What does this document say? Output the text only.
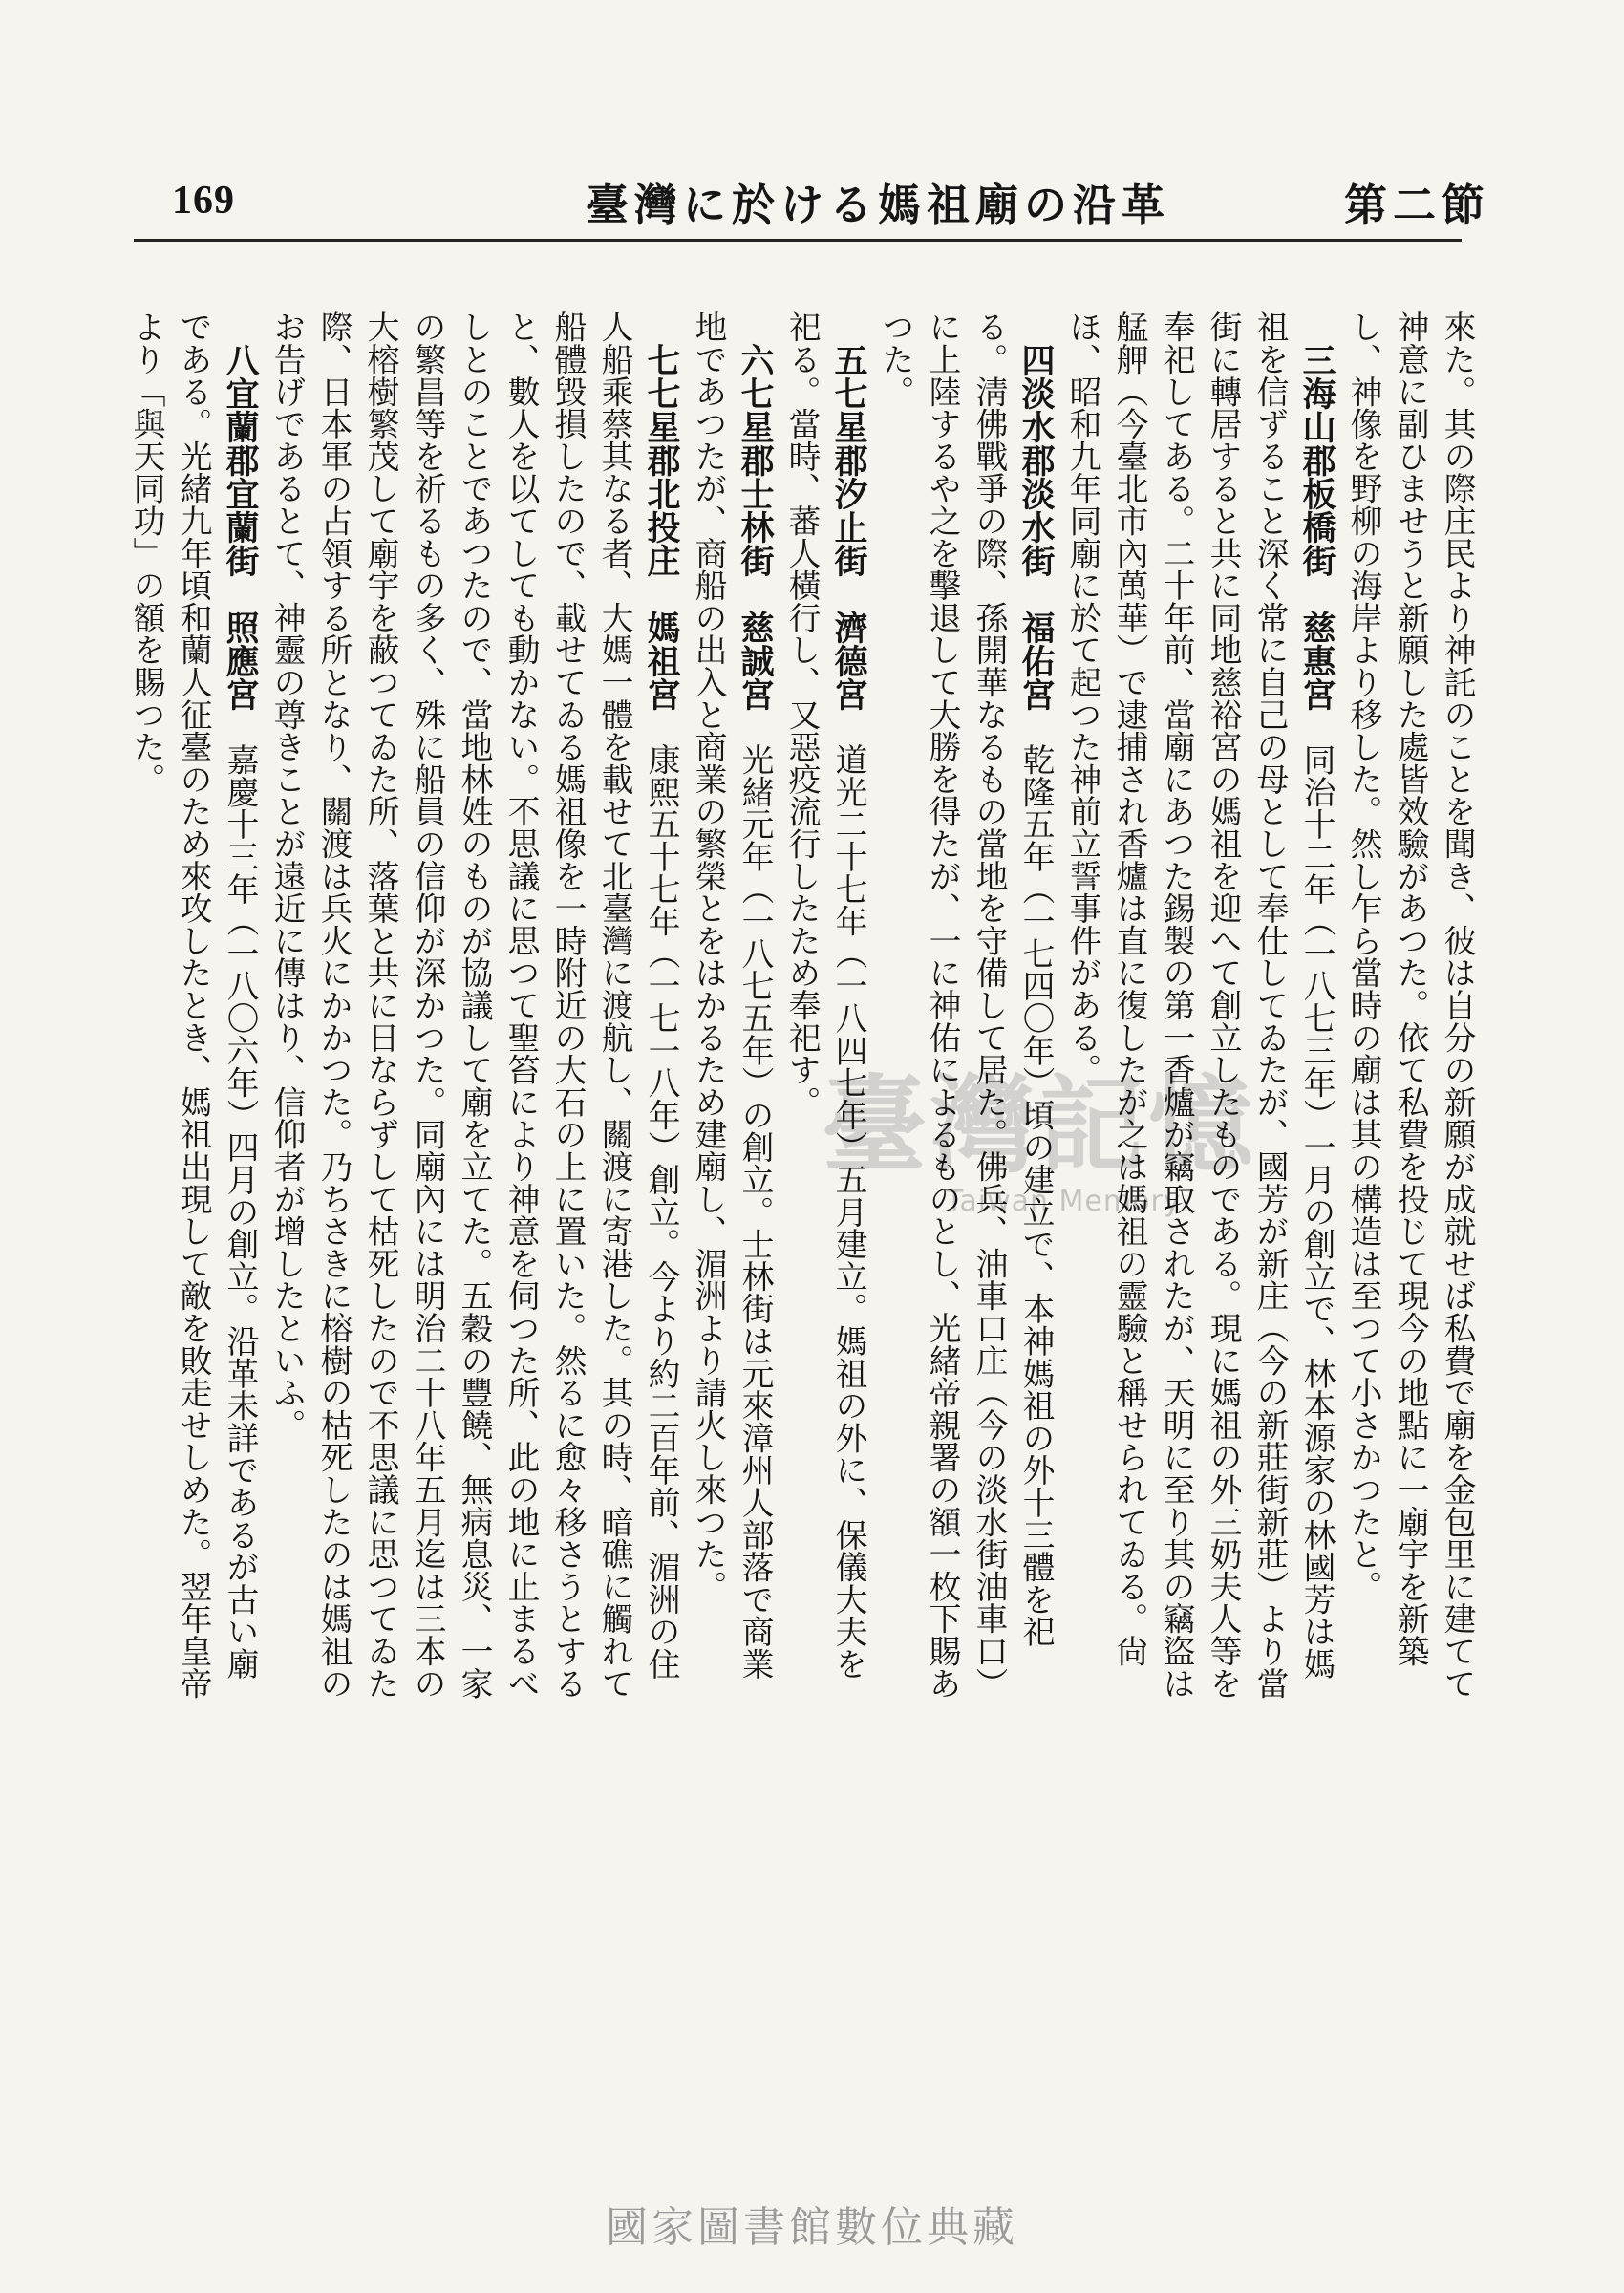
169	臺灣に於ける媽祖廟の沿革	第二節

來た。其の際庄民より神託のことを聞き、彼は自分の新願が成就せば私費で廟を金包里に建てて神意に副ひませうと新願した處皆效驗があつた。依て私費を投じて現今の地點に一廟宇を新築し、神像を野柳の海岸より移した。然し乍ら當時の廟は其の構造は至つて小さかつたと。

三海山郡板橋街　慈惠宮　同治十二年（一八七三年）一月の創立で、林本源家の林國芳は媽祖を信ずること深く常に自己の母として奉仕してゐたが、國芳が新庄（今の新莊街新莊）より當街に轉居すると共に同地慈裕宮の媽祖を迎へて創立したものである。現に媽祖の外三奶夫人等を奉祀してある。二十年前、當廟にあつた錫製の第一香爐が竊取されたが、天明に至り其の竊盜は艋舺（今臺北市內萬華）で逮捕され香爐は直に復したが之は媽祖の靈驗と稱せられてゐる。尙ほ、昭和九年同廟に於て起つた神前立誓事件がある。

四淡水郡淡水街　福佑宮　乾隆五年（一七四〇年）頃の建立で、本神媽祖の外十三體を祀る。淸佛戰爭の際、孫開華なるもの當地を守備して居た。佛兵、油車口庄（今の淡水街油車口）に上陸するや之を擊退して大勝を得たが、一に神佑によるものとし、光緒帝親署の額一枚下賜あつた。

五七星郡汐止街　濟德宮　道光二十七年（一八四七年）五月建立。媽祖の外に、保儀大夫を祀る。當時、蕃人橫行し、又惡疫流行したため奉祀す。

六七星郡士林街　慈誠宮　光緒元年（一八七五年）の創立。士林街は元來漳州人部落で商業地であつたが、商船の出入と商業の繁榮とをはかるため建廟し、湄洲より請火し來つた。

七七星郡北投庄　媽祖宮　康熙五十七年（一七一八年）創立。今より約二百年前、湄洲の住人船乘蔡其なる者、大媽一體を載せて北臺灣に渡航し、關渡に寄港した。其の時、暗礁に觸れて船體毀損したので、載せてゐる媽祖像を一時附近の大石の上に置いた。然るに愈々移さうとすると、數人を以てしても動かない。不思議に思つて聖笞により神意を伺つた所、此の地に止まるべしとのことであつたので、當地林姓のものが協議して廟を立てた。五穀の豐饒、無病息災、一家の繁昌等を祈るもの多く、殊に船員の信仰が深かつた。同廟內には明治二十八年五月迄は三本の大榕樹繁茂して廟宇を蔽つてゐた所、落葉と共に日ならずして枯死したので不思議に思つてゐた際、日本軍の占領する所となり、關渡は兵火にかかつた。乃ちさきに榕樹の枯死したのは媽祖のお告げであるとて、神靈の尊きことが遠近に傳はり、信仰者が增したといふ。

八宜蘭郡宜蘭街　照應宮　嘉慶十三年（一八〇六年）四月の創立。沿革未詳であるが古い廟である。光緒九年頃和蘭人征臺のため來攻したとき、媽祖出現して敵を敗走せしめた。翌年皇帝より「與天同功」の額を賜つた。

臺灣記憶
Taiwan Memory
國家圖書館數位典藏
